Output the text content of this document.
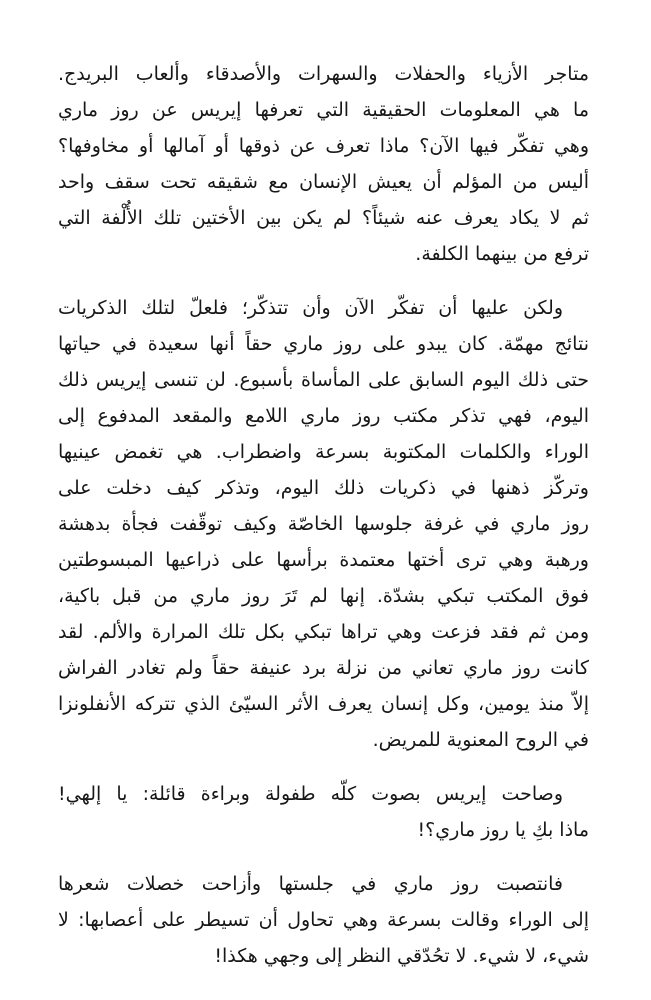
متاجر الأزياء والحفلات والسهرات والأصدقاء وألعاب البريدج.
ما هي المعلومات الحقيقية التي تعرفها إيريس عن روز ماري
وهي تفكّر فيها الآن؟ ماذا تعرف عن ذوقها أو آمالها أو مخاوفها؟
أليس من المؤلم أن يعيش الإنسان مع شقيقه تحت سقف واحد
ثم لا يكاد يعرف عنه شيئاً؟ لم يكن بين الأختين تلك الأُلْفة التي
ترفع من بينهما الكلفة.
ولكن عليها أن تفكّر الآن وأن تتذكّر؛ فلعلّ لتلك الذكريات
نتائج مهمّة. كان يبدو على روز ماري حقاً أنها سعيدة في حياتها
حتى ذلك اليوم السابق على المأساة بأسبوع. لن تنسى إيريس ذلك
اليوم، فهي تذكر مكتب روز ماري اللامع والمقعد المدفوع إلى
الوراء والكلمات المكتوبة بسرعة واضطراب. هي تغمض عينيها
وتركّز ذهنها في ذكريات ذلك اليوم، وتذكر كيف دخلت على
روز ماري في غرفة جلوسها الخاصّة وكيف توقّفت فجأة بدهشة
ورهبة وهي ترى أختها معتمدة برأسها على ذراعيها المبسوطتين
فوق المكتب تبكي بشدّة. إنها لم تَرَ روز ماري من قبل باكية،
ومن ثم فقد فزعت وهي تراها تبكي بكل تلك المرارة والألم. لقد
كانت روز ماري تعاني من نزلة برد عنيفة حقاً ولم تغادر الفراش
إلاّ منذ يومين، وكل إنسان يعرف الأثر السيّئ الذي تتركه الأنفلونزا
في الروح المعنوية للمريض.
وصاحت إيريس بصوت كلّه طفولة وبراءة قائلة: يا إلهي!
ماذا بكِ يا روز ماري؟!
فانتصبت روز ماري في جلستها وأزاحت خصلات شعرها
إلى الوراء وقالت بسرعة وهي تحاول أن تسيطر على أعصابها: لا
شيء، لا شيء. لا تحُدّقي النظر إلى وجهي هكذا!
